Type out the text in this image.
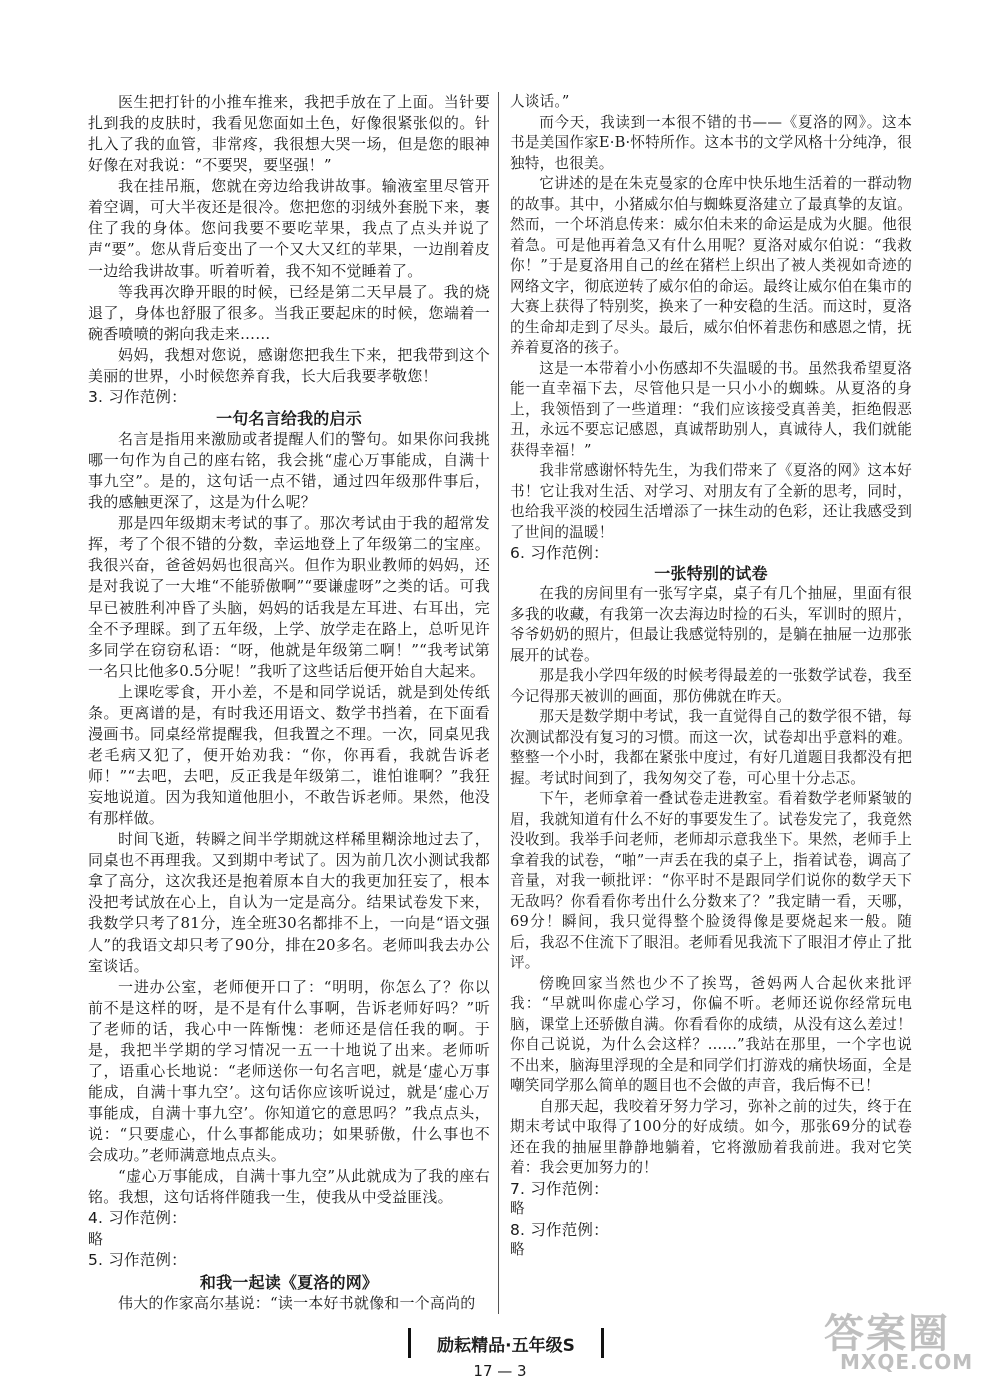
医生把打针的小推车推来，我把手放在了上面。当针要扎到我的皮肤时，我看见您面如土色，好像很紧张似的。针扎入了我的血管，非常疼，我很想大哭一场，但是您的眼神好像在对我说：“不要哭，要坚强！”

我在挂吊瓶，您就在旁边给我讲故事。输液室里尽管开着空调，可大半夜还是很冷。您把您的羽绒外套脱下来，裹住了我的身体。您问我要不要吃苹果，我点了点头并说了声“要”。您从背后变出了一个又大又红的苹果，一边削着皮一边给我讲故事。听着听着，我不知不觉睡着了。

等我再次睁开眼的时候，已经是第二天早晨了。我的烧退了，身体也舒服了很多。当我正要起床的时候，您端着一碗香喷喷的粥向我走来……

妈妈，我想对您说，感谢您把我生下来，把我带到这个美丽的世界，小时候您养育我，长大后我要孝敬您！

3. 习作范例：

一句名言给我的启示

名言是指用来激励或者提醒人们的警句。如果你问我挑哪一句作为自己的座右铭，我会挑“虚心万事能成，自满十事九空”。是的，这句话一点不错，通过四年级那件事后，我的感触更深了，这是为什么呢？

那是四年级期末考试的事了。那次考试由于我的超常发挥，考了个很不错的分数，幸运地登上了年级第二的宝座。我很兴奋，爸爸妈妈也很高兴。但作为职业教师的妈妈，还是对我说了一大堆“不能骄傲啊”“要谦虚呀”之类的话。可我早已被胜利冲昏了头脑，妈妈的话我是左耳进、右耳出，完全不予理睬。到了五年级，上学、放学走在路上，总听见许多同学在窃窃私语：“呀，他就是年级第二啊！”“我考试第一名只比他多0.5分呢！”我听了这些话后便开始自大起来。

上课吃零食，开小差，不是和同学说话，就是到处传纸条。更离谱的是，有时我还用语文、数学书挡着，在下面看漫画书。同桌经常提醒我，但我置之不理。一次，同桌见我老毛病又犯了，便开始劝我：“你，你再看，我就告诉老师！”“去吧，去吧，反正我是年级第二，谁怕谁啊？”我狂妄地说道。因为我知道他胆小，不敢告诉老师。果然，他没有那样做。

时间飞逝，转瞬之间半学期就这样稀里糊涂地过去了，同桌也不再理我。又到期中考试了。因为前几次小测试我都拿了高分，这次我还是抱着原本自大的我更加狂妄了，根本没把考试放在心上，自认为一定是高分。结果试卷发下来，我数学只考了81分，连全班30名都排不上，一向是“语文强人”的我语文却只考了90分，排在20多名。老师叫我去办公室谈话。

一进办公室，老师便开口了：“明明，你怎么了？你以前不是这样的呀，是不是有什么事啊，告诉老师好吗？”听了老师的话，我心中一阵惭愧：老师还是信任我的啊。于是，我把半学期的学习情况一五一十地说了出来。老师听了，语重心长地说：“老师送你一句名言吧，就是‘虚心万事能成，自满十事九空’。这句话你应该听说过，就是‘虚心万事能成，自满十事九空’。你知道它的意思吗？”我点点头，说：“只要虚心，什么事都能成功；如果骄傲，什么事也不会成功。”老师满意地点点头。

“虚心万事能成，自满十事九空”从此就成为了我的座右铭。我想，这句话将伴随我一生，使我从中受益匪浅。

4. 习作范例：

略

5. 习作范例：

和我一起读《夏洛的网》

伟大的作家高尔基说：“读一本好书就像和一个高尚的

人谈话。”

而今天，我读到一本很不错的书——《夏洛的网》。这本书是美国作家E·B·怀特所作。这本书的文学风格十分纯净，很独特，也很美。

它讲述的是在朱克曼家的仓库中快乐地生活着的一群动物的故事。其中，小猪威尔伯与蜘蛛夏洛建立了最真挚的友谊。然而，一个坏消息传来：威尔伯未来的命运是成为火腿。他很着急。可是他再着急又有什么用呢？夏洛对威尔伯说：“我救你！”于是夏洛用自己的丝在猪栏上织出了被人类视如奇迹的网络文字，彻底逆转了威尔伯的命运。最终让威尔伯在集市的大赛上获得了特别奖，换来了一种安稳的生活。而这时，夏洛的生命却走到了尽头。最后，威尔伯怀着悲伤和感恩之情，抚养着夏洛的孩子。

这是一本带着小小伤感却不失温暖的书。虽然我希望夏洛能一直幸福下去，尽管他只是一只小小的蜘蛛。从夏洛的身上，我领悟到了一些道理：“我们应该接受真善美，拒绝假恶丑，永远不要忘记感恩，真诚帮助别人，真诚待人，我们就能获得幸福！”

我非常感谢怀特先生，为我们带来了《夏洛的网》这本好书！它让我对生活、对学习、对朋友有了全新的思考，同时，也给我平淡的校园生活增添了一抹生动的色彩，还让我感受到了世间的温暖！

6. 习作范例：

一张特别的试卷

在我的房间里有一张写字桌，桌子有几个抽屉，里面有很多我的收藏，有我第一次去海边时捡的石头，军训时的照片，爷爷奶奶的照片，但最让我感觉特别的，是躺在抽屉一边那张展开的试卷。

那是我小学四年级的时候考得最差的一张数学试卷，我至今记得那天被训的画面，那仿佛就在昨天。

那天是数学期中考试，我一直觉得自己的数学很不错，每次测试都没有复习的习惯。而这一次，试卷却出乎意料的难。整整一个小时，我都在紧张中度过，有好几道题目我都没有把握。考试时间到了，我匆匆交了卷，可心里十分忐忑。

下午，老师拿着一叠试卷走进教室。看着数学老师紧皱的眉，我就知道有什么不好的事要发生了。试卷发完了，我竟然没收到。我举手问老师，老师却示意我坐下。果然，老师手上拿着我的试卷，“啪”一声丢在我的桌子上，指着试卷，调高了音量，对我一顿批评：“你平时不是跟同学们说你的数学天下无敌吗？你看看你考出什么分数来了？”我定睛一看，天哪，69分！瞬间，我只觉得整个脸烫得像是要烧起来一般。随后，我忍不住流下了眼泪。老师看见我流下了眼泪才停止了批评。

傍晚回家当然也少不了挨骂，爸妈两人合起伙来批评我：“早就叫你虚心学习，你偏不听。老师还说你经常玩电脑，课堂上还骄傲自满。你看看你的成绩，从没有这么差过！你自己说说，为什么会这样？……”我站在那里，一个字也说不出来，脑海里浮现的全是和同学们打游戏的痛快场面，全是嘲笑同学那么简单的题目也不会做的声音，我后悔不已！

自那天起，我咬着牙努力学习，弥补之前的过失，终于在期末考试中取得了100分的好成绩。如今，那张69分的试卷还在我的抽屉里静静地躺着，它将激励着我前进。我对它笑着：我会更加努力的！

7. 习作范例：

略

8. 习作范例：

略

励耘精品·五年级S
17 — 3
答案圈
MXQE.COM
